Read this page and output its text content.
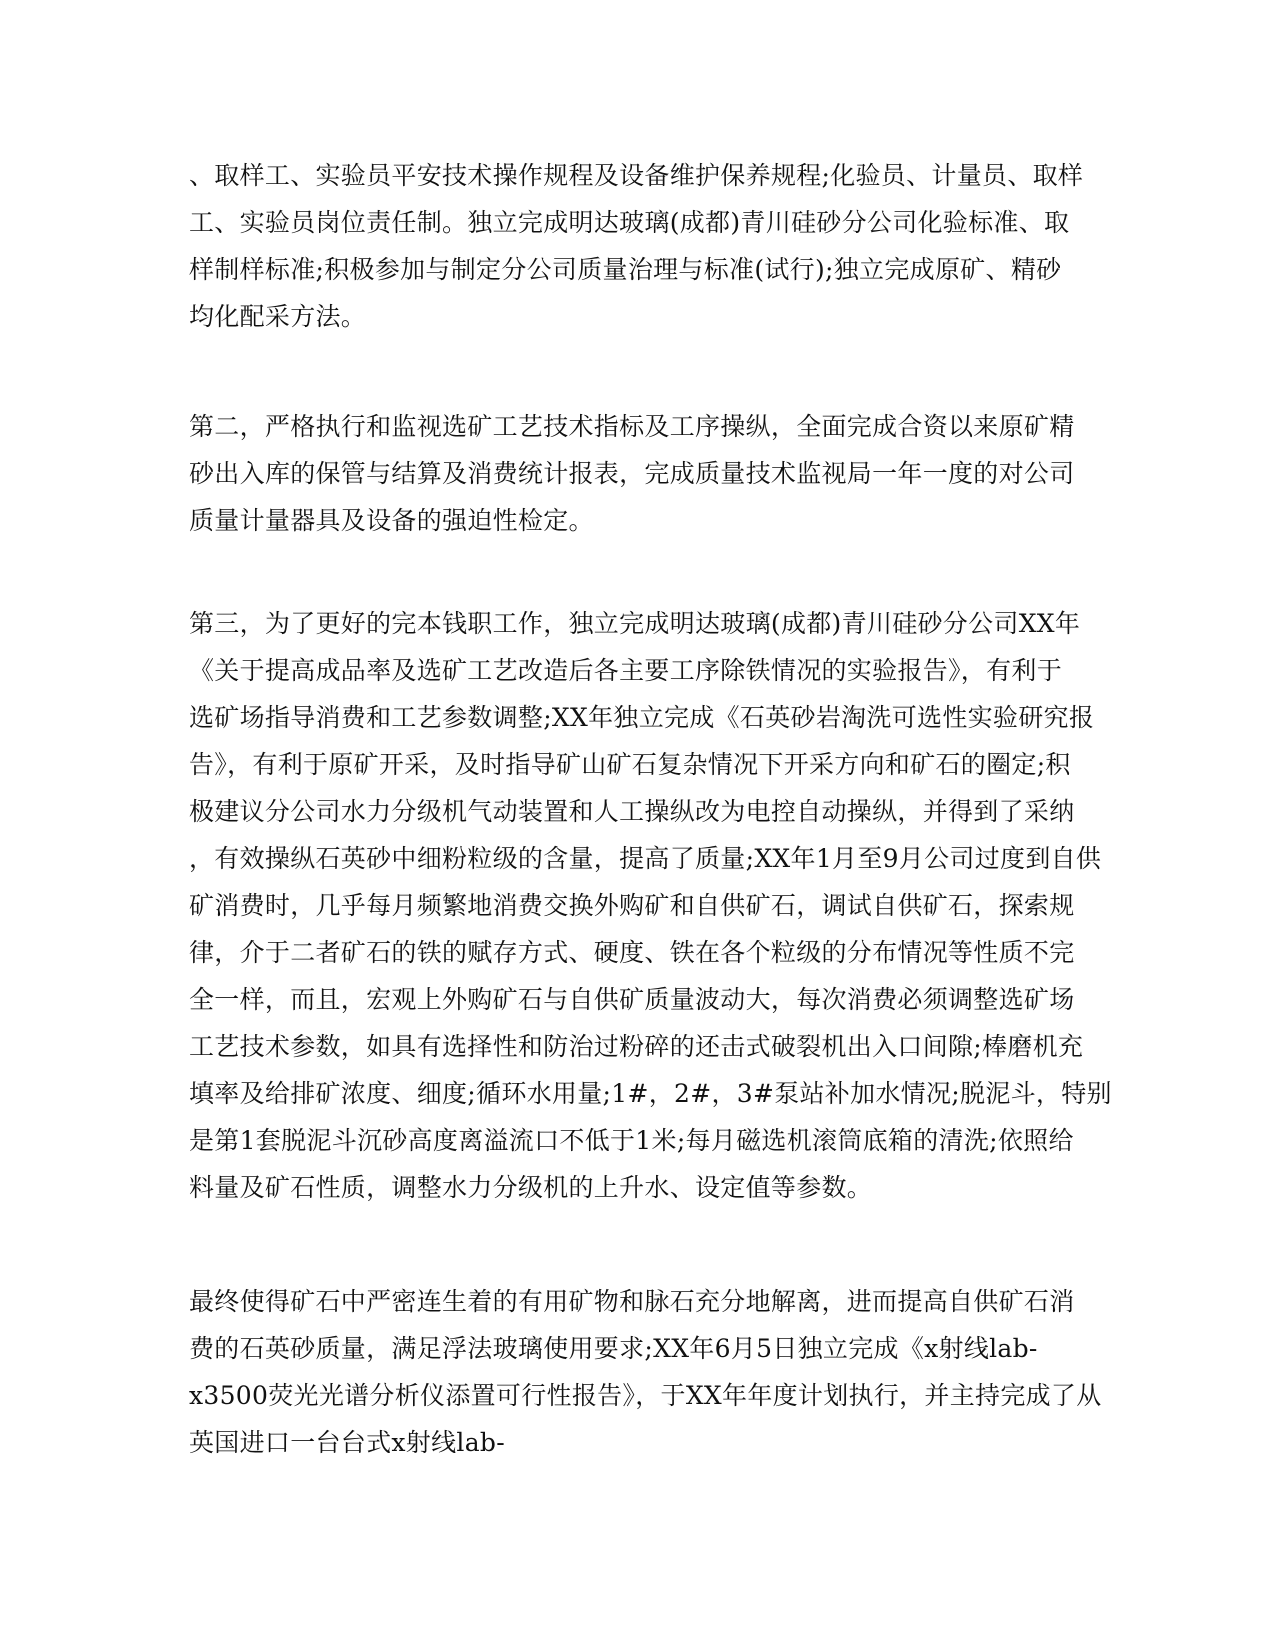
、取样工、实验员平安技术操作规程及设备维护保养规程;化验员、计量员、取样
工、实验员岗位责任制。独立完成明达玻璃(成都)青川硅砂分公司化验标准、取
样制样标准;积极参加与制定分公司质量治理与标准(试行);独立完成原矿、精砂
均化配采方法。
第二，严格执行和监视选矿工艺技术指标及工序操纵，全面完成合资以来原矿精
砂出入库的保管与结算及消费统计报表，完成质量技术监视局一年一度的对公司
质量计量器具及设备的强迫性检定。
第三，为了更好的完本钱职工作，独立完成明达玻璃(成都)青川硅砂分公司XX年
《关于提高成品率及选矿工艺改造后各主要工序除铁情况的实验报告》，有利于
选矿场指导消费和工艺参数调整;XX年独立完成《石英砂岩淘洗可选性实验研究报
告》，有利于原矿开采，及时指导矿山矿石复杂情况下开采方向和矿石的圈定;积
极建议分公司水力分级机气动装置和人工操纵改为电控自动操纵，并得到了采纳
，有效操纵石英砂中细粉粒级的含量，提高了质量;XX年1月至9月公司过度到自供
矿消费时，几乎每月频繁地消费交换外购矿和自供矿石，调试自供矿石，探索规
律，介于二者矿石的铁的赋存方式、硬度、铁在各个粒级的分布情况等性质不完
全一样，而且，宏观上外购矿石与自供矿质量波动大，每次消费必须调整选矿场
工艺技术参数，如具有选择性和防治过粉碎的还击式破裂机出入口间隙;棒磨机充
填率及给排矿浓度、细度;循环水用量;1#，2#，3#泵站补加水情况;脱泥斗，特别
是第1套脱泥斗沉砂高度离溢流口不低于1米;每月磁选机滚筒底箱的清洗;依照给
料量及矿石性质，调整水力分级机的上升水、设定值等参数。
最终使得矿石中严密连生着的有用矿物和脉石充分地解离，进而提高自供矿石消
费的石英砂质量，满足浮法玻璃使用要求;XX年6月5日独立完成《x射线lab-
x3500荧光光谱分析仪添置可行性报告》，于XX年年度计划执行，并主持完成了从
英国进口一台台式x射线lab-
